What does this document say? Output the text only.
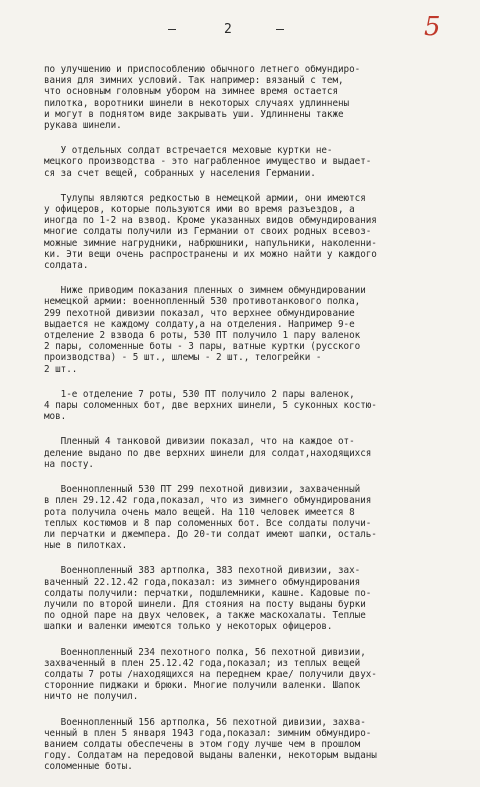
2	5

по улучшению и приспособлению обычного летнего обмундиро-
вания для зимних условий. Так например: вязаный с тем,
что основным головным убором на зимнее время остается
пилотка, воротники шинели в некоторых случаях удлиннены
и могут в поднятом виде закрывать уши. Удлиннены также
рукава шинели.

У отдельных солдат встречается меховые куртки не-
мецкого производства - это награбленное имущество и выдает-
ся за счет вещей, собранных у населения Германии.

Тулупы являются редкостью в немецкой армии, они имеются
у офицеров, которые пользуются ими во время разъездов, а
иногда по 1-2 на взвод. Кроме указанных видов обмундирования
многие солдаты получили из Германии от своих родных всевоз-
можные зимние нагрудники, набрюшники, напульники, наколенни-
ки. Эти вещи очень распространены и их можно найти у каждого
солдата.

Ниже приводим показания пленных о зимнем обмундировании
немецкой армии: военнопленный 530 противотанкового полка,
299 пехотной дивизии показал, что верхнее обмундирование
выдается не каждому солдату,а на отделения. Например 9-е
отделение 2 взвода 6 роты, 530 ПТ получило 1 пару валенок
2 пары, соломенные боты - 3 пары, ватные куртки (русского
производства) - 5 шт., шлемы - 2 шт., телогрейки -
2 шт..

1-е отделение 7 роты, 530 ПТ получило 2 пары валенок,
4 пары соломенных бот, две верхних шинели, 5 суконных костю-
мов.

Пленный 4 танковой дивизии показал, что на каждое от-
деление выдано по две верхних шинели для солдат,находящихся
на посту.

Военнопленный 530 ПТ 299 пехотной дивизии, захваченный
в плен 29.12.42 года,показал, что из зимнего обмундирования
рота получила очень мало вещей. На 110 человек имеется 8
теплых костюмов и 8 пар соломенных бот. Все солдаты получи-
ли перчатки и джемпера. До 20-ти солдат имеют шапки, осталь-
ные в пилотках.

Военнопленный 383 артполка, 383 пехотной дивизии, зах-
ваченный 22.12.42 года,показал: из зимнего обмундирования
солдаты получили: перчатки, подшлемники, кашне. Кадовые по-
лучили по второй шинели. Для стояния на посту выданы бурки
по одной паре на двух человек, а также маскохалаты. Теплые
шапки и валенки имеются только у некоторых офицеров.

Военнопленный 234 пехотного полка, 56 пехотной дивизии,
захваченный в плен 25.12.42 года,показал; из теплых вещей
солдаты 7 роты /находящихся на переднем крае/ получили двух-
сторонние пиджаки и брюки. Многие получили валенки. Шапок
ничто не получил.

Военнопленный 156 артполка, 56 пехотной дивизии, захва-
ченный в плен 5 января 1943 года,показал: зимним обмундиро-
ванием солдаты обеспечены в этом году лучше чем в прошлом
году. Солдатам на передовой выданы валенки, некоторым выданы
соломенные боты.
